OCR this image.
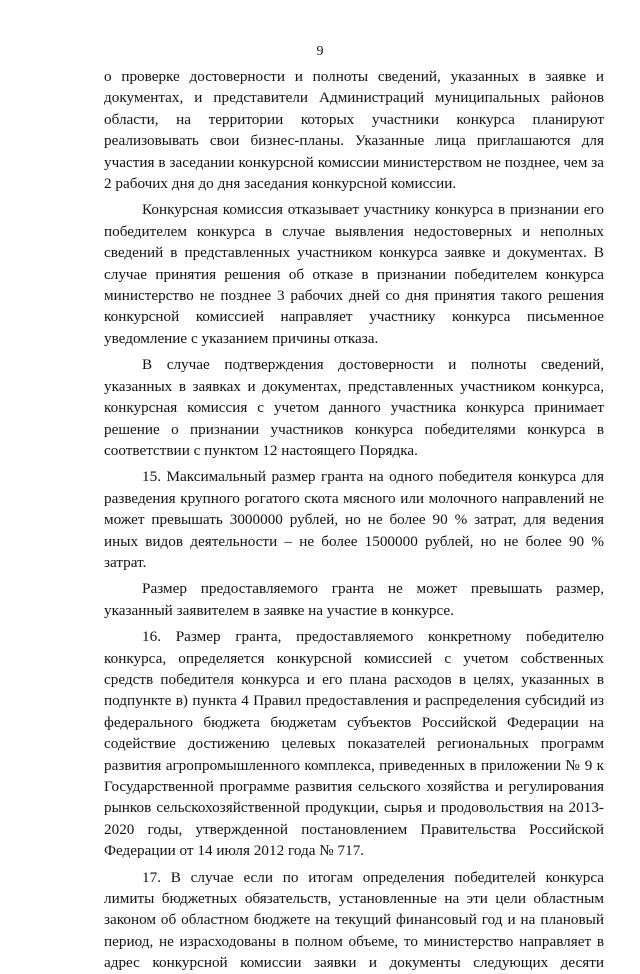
9

о проверке достоверности и полноты сведений, указанных в заявке и документах, и представители Администраций муниципальных районов области, на территории которых участники конкурса планируют реализовывать свои бизнес-планы. Указанные лица приглашаются для участия в заседании конкурсной комиссии министерством не позднее, чем за 2 рабочих дня до дня заседания конкурсной комиссии.

Конкурсная комиссия отказывает участнику конкурса в признании его победителем конкурса в случае выявления недостоверных и неполных сведений в представленных участником конкурса заявке и документах. В случае принятия решения об отказе в признании победителем конкурса министерство не позднее 3 рабочих дней со дня принятия такого решения конкурсной комиссией направляет участнику конкурса письменное уведомление с указанием причины отказа.

В случае подтверждения достоверности и полноты сведений, указанных в заявках и документах, представленных участником конкурса, конкурсная комиссия с учетом данного участника конкурса принимает решение о признании участников конкурса победителями конкурса в соответствии с пунктом 12 настоящего Порядка.

15. Максимальный размер гранта на одного победителя конкурса для разведения крупного рогатого скота мясного или молочного направлений не может превышать 3000000 рублей, но не более 90 % затрат, для ведения иных видов деятельности – не более 1500000 рублей, но не более 90 % затрат.

Размер предоставляемого гранта не может превышать размер, указанный заявителем в заявке на участие в конкурсе.

16. Размер гранта, предоставляемого конкретному победителю конкурса, определяется конкурсной комиссией с учетом собственных средств победителя конкурса и его плана расходов в целях, указанных в подпункте в) пункта 4 Правил предоставления и распределения субсидий из федерального бюджета бюджетам субъектов Российской Федерации на содействие достижению целевых показателей региональных программ развития агропромышленного комплекса, приведенных в приложении № 9 к Государственной программе развития сельского хозяйства и регулирования рынков сельскохозяйственной продукции, сырья и продовольствия на 2013-2020 годы, утвержденной постановлением Правительства Российской Федерации от 14 июля 2012 года № 717.

17. В случае если по итогам определения победителей конкурса лимиты бюджетных обязательств, установленные на эти цели областным законом об областном бюджете на текущий финансовый год и на плановый период, не израсходованы в полном объеме, то министерство направляет в адрес конкурсной комиссии заявки и документы следующих десяти
